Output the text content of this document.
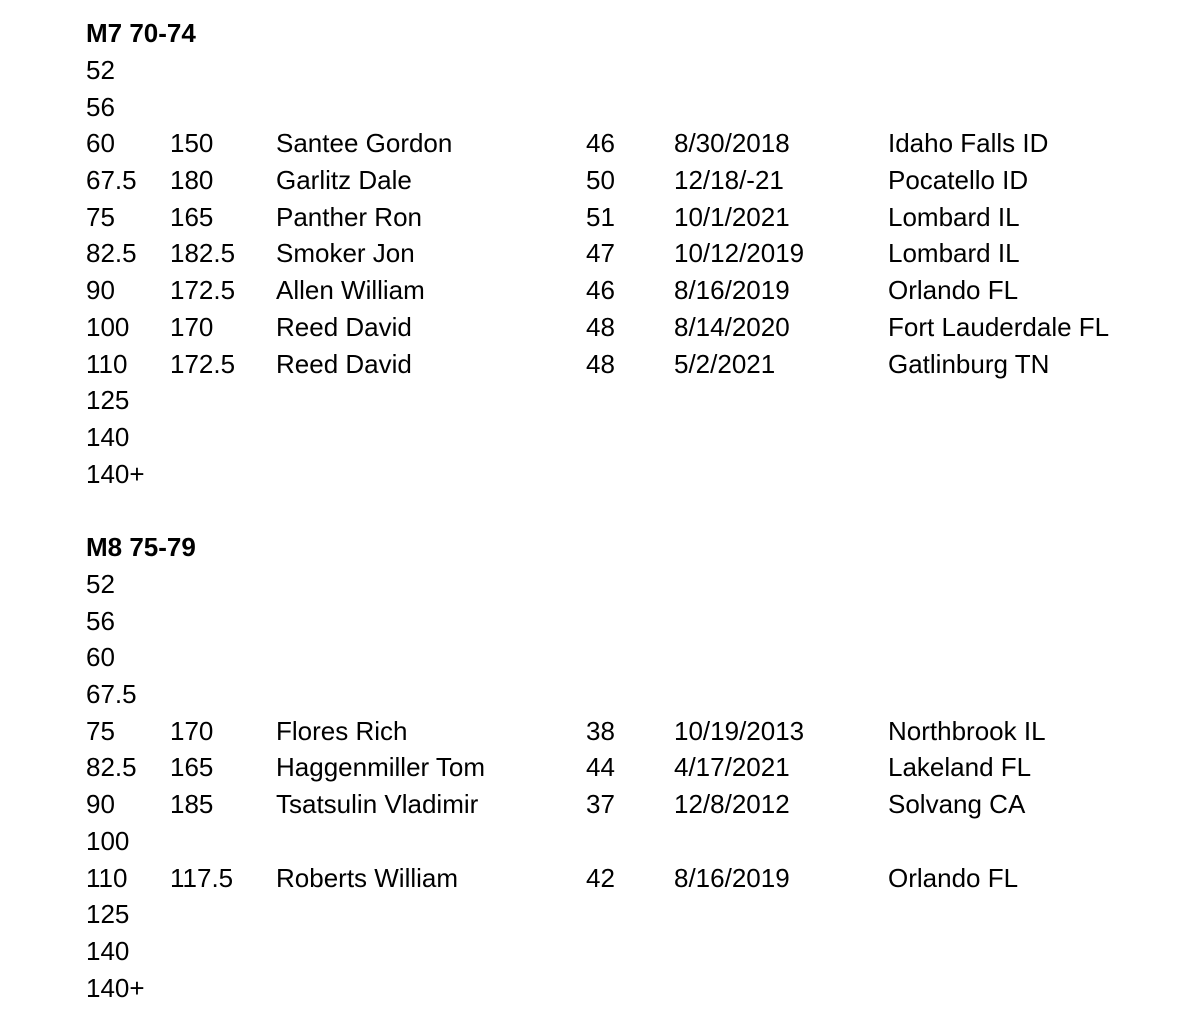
M7 70-74
52
56
60 150 Santee Gordon	46 8/30/2018	Idaho Falls ID
67.5 180 Garlitz Dale	50 12/18/-21	Pocatello ID
75 165 Panther Ron	51 10/1/2021	Lombard IL
82.5 182.5 Smoker Jon	47 10/12/2019	Lombard IL
90 172.5 Allen William	46 8/16/2019	Orlando FL
100 170 Reed David	48 8/14/2020	Fort Lauderdale FL
110 172.5 Reed David	48 5/2/2021	Gatlinburg TN
125
140
140+
M8 75-79
52
56
60
67.5
75 170 Flores Rich	38 10/19/2013	Northbrook IL
82.5 165 Haggenmiller Tom	44 4/17/2021	Lakeland FL
90 185 Tsatsulin Vladimir	37 12/8/2012	Solvang CA
100
110 117.5 Roberts William	42 8/16/2019	Orlando FL
125
140
140+
